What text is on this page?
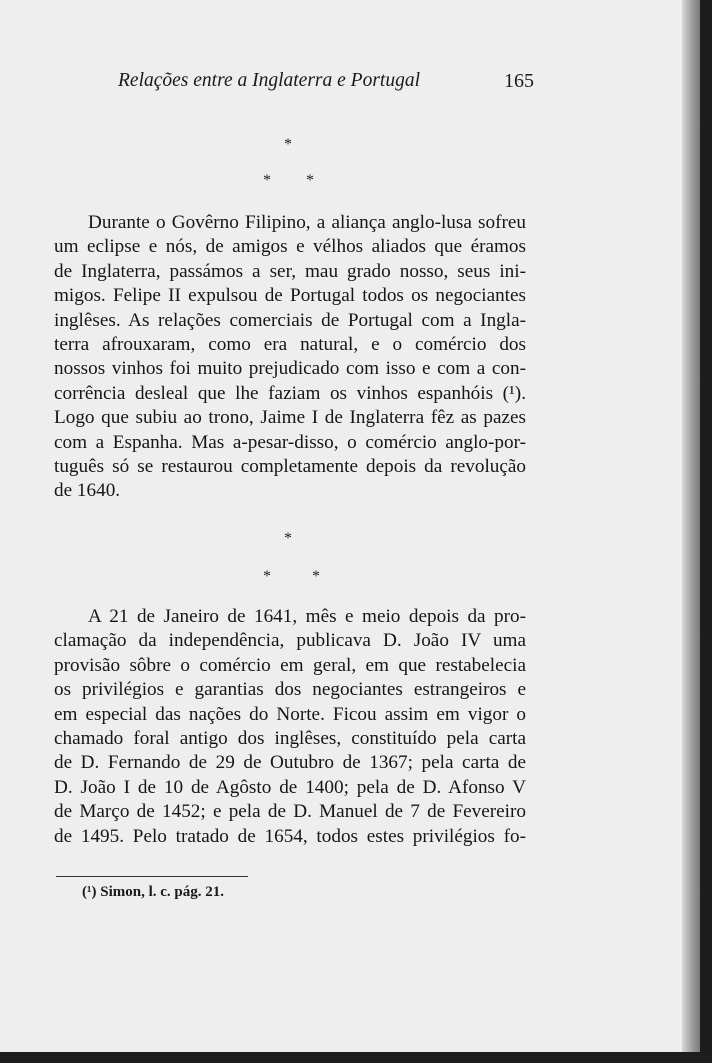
Relações entre a Inglaterra e Portugal	165
*
* *
Durante o Govêrno Filipino, a aliança anglo-lusa sofreu
um eclipse e nós, de amigos e vélhos aliados que éramos
de Inglaterra, passámos a ser, mau grado nosso, seus ini-
migos. Felipe II expulsou de Portugal todos os negociantes
inglêses. As relações comerciais de Portugal com a Ingla-
terra afrouxaram, como era natural, e o comércio dos
nossos vinhos foi muito prejudicado com isso e com a con-
corrência desleal que lhe faziam os vinhos espanhóis (¹).
Logo que subiu ao trono, Jaime I de Inglaterra fêz as pazes
com a Espanha. Mas a-pesar-disso, o comércio anglo-por-
tuguês só se restaurou completamente depois da revolução
de 1640.
*
*	*
A 21 de Janeiro de 1641, mês e meio depois da pro-
clamação da independência, publicava D. João IV uma
provisão sôbre o comércio em geral, em que restabelecia
os privilégios e garantias dos negociantes estrangeiros e
em especial das nações do Norte. Ficou assim em vigor o
chamado foral antigo dos inglêses, constituído pela carta
de D. Fernando de 29 de Outubro de 1367; pela carta de
D. João I de 10 de Agôsto de 1400; pela de D. Afonso V
de Março de 1452; e pela de D. Manuel de 7 de Fevereiro
de 1495. Pelo tratado de 1654, todos estes privilégios fo-
(¹) Simon, l. c. pág. 21.
